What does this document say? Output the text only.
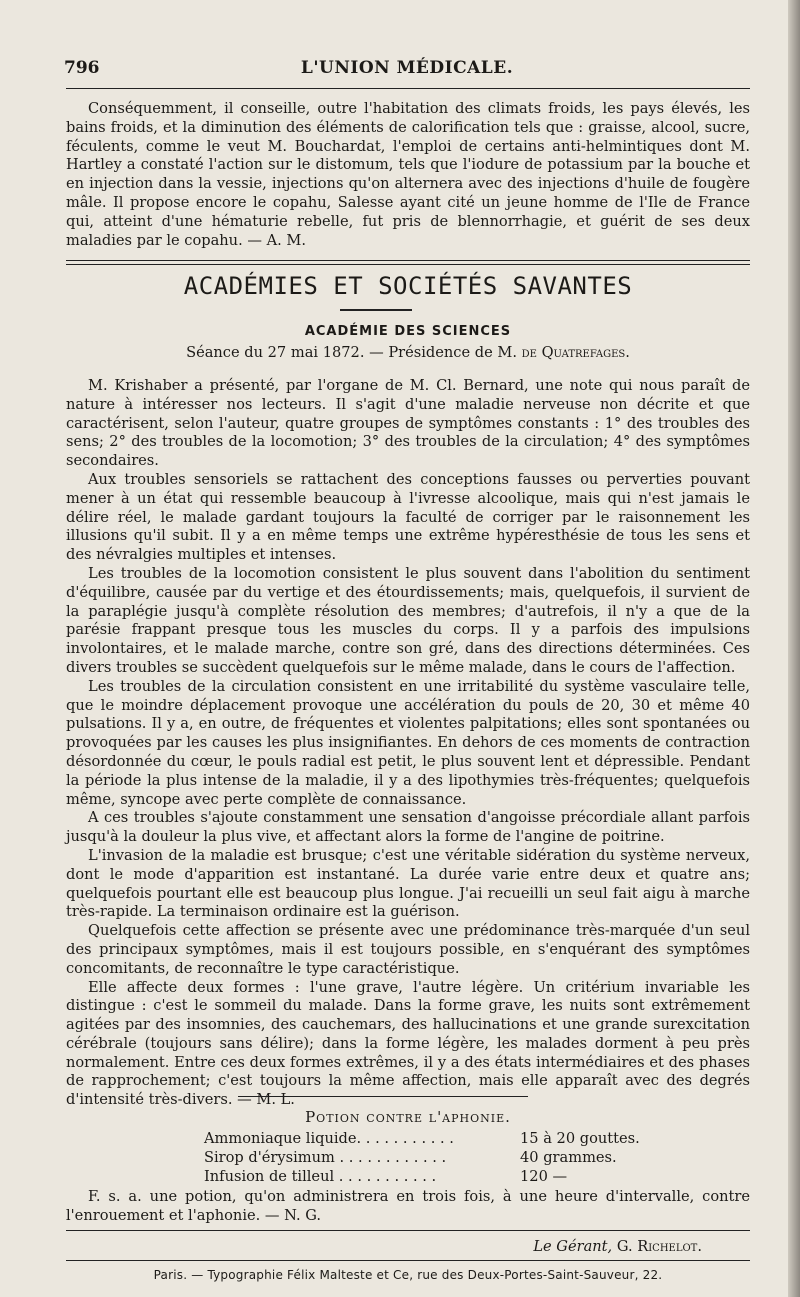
796	L'UNION MÉDICALE.

Conséquemment, il conseille, outre l'habitation des climats froids, les pays élevés, les bains froids, et la diminution des éléments de calorification tels que : graisse, alcool, sucre, féculents, comme le veut M. Bouchardat, l'emploi de certains anti-helmintiques dont M. Hartley a constaté l'action sur le distomum, tels que l'iodure de potassium par la bouche et en injection dans la vessie, injections qu'on alternera avec des injections d'huile de fougère mâle. Il propose encore le copahu, Salesse ayant cité un jeune homme de l'Ile de France qui, atteint d'une hématurie rebelle, fut pris de blennorrhagie, et guérit de ses deux maladies par le copahu. — A. M.

ACADÉMIES ET SOCIÉTÉS SAVANTES
ACADÉMIE DES SCIENCES
Séance du 27 mai 1872. — Présidence de M. de Quatrefages.

M. Krishaber a présenté, par l'organe de M. Cl. Bernard, une note qui nous paraît de nature à intéresser nos lecteurs. Il s'agit d'une maladie nerveuse non décrite et que caractérisent, selon l'auteur, quatre groupes de symptômes constants : 1° des troubles des sens; 2° des troubles de la locomotion; 3° des troubles de la circulation; 4° des symptômes secondaires.

Aux troubles sensoriels se rattachent des conceptions fausses ou perverties pouvant mener à un état qui ressemble beaucoup à l'ivresse alcoolique, mais qui n'est jamais le délire réel, le malade gardant toujours la faculté de corriger par le raisonnement les illusions qu'il subit. Il y a en même temps une extrême hypéresthésie de tous les sens et des névralgies multiples et intenses.

Les troubles de la locomotion consistent le plus souvent dans l'abolition du sentiment d'équilibre, causée par du vertige et des étourdissements; mais, quelquefois, il survient de la paraplégie jusqu'à complète résolution des membres; d'autrefois, il n'y a que de la parésie frappant presque tous les muscles du corps. Il y a parfois des impulsions involontaires, et le malade marche, contre son gré, dans des directions déterminées. Ces divers troubles se succèdent quelquefois sur le même malade, dans le cours de l'affection.

Les troubles de la circulation consistent en une irritabilité du système vasculaire telle, que le moindre déplacement provoque une accélération du pouls de 20, 30 et même 40 pulsations. Il y a, en outre, de fréquentes et violentes palpitations; elles sont spontanées ou provoquées par les causes les plus insignifiantes. En dehors de ces moments de contraction désordonnée du cœur, le pouls radial est petit, le plus souvent lent et dépressible. Pendant la période la plus intense de la maladie, il y a des lipothymies très-fréquentes; quelquefois même, syncope avec perte complète de connaissance.

A ces troubles s'ajoute constamment une sensation d'angoisse précordiale allant parfois jusqu'à la douleur la plus vive, et affectant alors la forme de l'angine de poitrine.

L'invasion de la maladie est brusque; c'est une véritable sidération du système nerveux, dont le mode d'apparition est instantané. La durée varie entre deux et quatre ans; quelquefois pourtant elle est beaucoup plus longue. J'ai recueilli un seul fait aigu à marche très-rapide. La terminaison ordinaire est la guérison.

Quelquefois cette affection se présente avec une prédominance très-marquée d'un seul des principaux symptômes, mais il est toujours possible, en s'enquérant des symptômes concomitants, de reconnaître le type caractéristique.

Elle affecte deux formes : l'une grave, l'autre légère. Un critérium invariable les distingue : c'est le sommeil du malade. Dans la forme grave, les nuits sont extrêmement agitées par des insomnies, des cauchemars, des hallucinations et une grande surexcitation cérébrale (toujours sans délire); dans la forme légère, les malades dorment à peu près normalement. Entre ces deux formes extrêmes, il y a des états intermédiaires et des phases de rapprochement; c'est toujours la même affection, mais elle apparaît avec des degrés d'intensité très-divers. — M. L.

Potion contre l'aphonie.
Ammoniaque liquide. . . . . . . . . . .	15 à 20 gouttes.
Sirop d'érysimum . . . . . . . . . . . .	40 grammes.
Infusion de tilleul . . . . . . . . . . .	120 —

F. s. a. une potion, qu'on administrera en trois fois, à une heure d'intervalle, contre l'enrouement et l'aphonie. — N. G.

Le Gérant, G. Richelot.
Paris. — Typographie Félix Malteste et Ce, rue des Deux-Portes-Saint-Sauveur, 22.
